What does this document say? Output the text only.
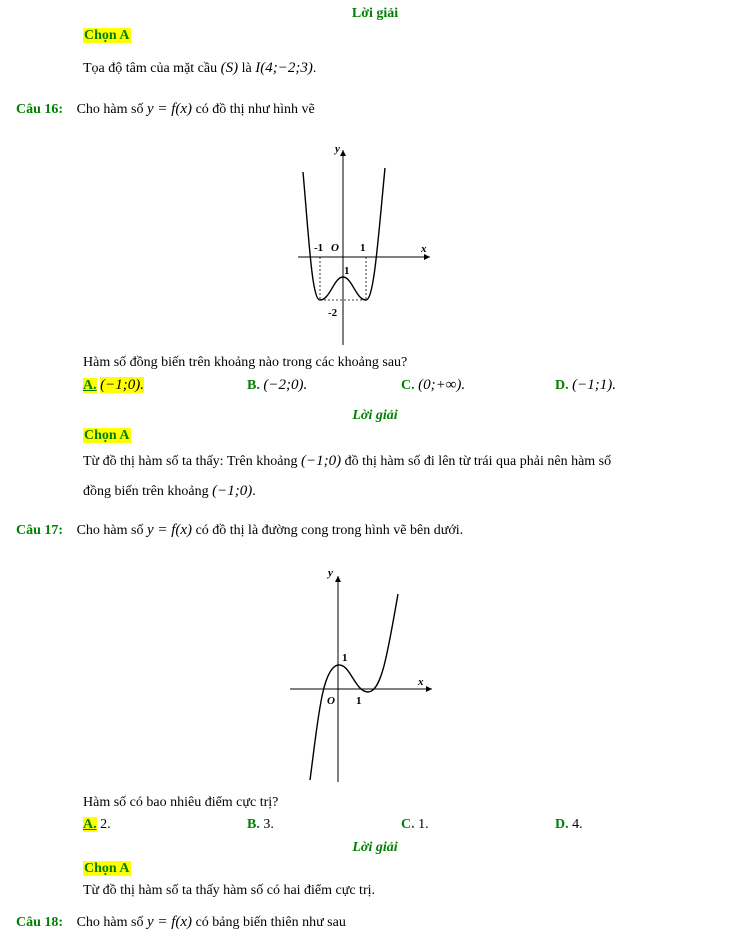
Lời giải
Chọn A
Tọa độ tâm của mặt cầu (S) là I(4;−2;3).
Câu 16: Cho hàm số y = f(x) có đồ thị như hình vẽ
y
x
-1 O 1
1
-2
Hàm số đồng biến trên khoảng nào trong các khoảng sau?
A. (−1;0).	B. (−2;0).	C. (0;+∞).	D. (−1;1).
Lời giải
Chọn A
Từ đồ thị hàm số ta thấy: Trên khoảng (−1;0) đồ thị hàm số đi lên từ trái qua phải nên hàm số
đồng biến trên khoảng (−1;0).
Câu 17: Cho hàm số y = f(x) có đồ thị là đường cong trong hình vẽ bên dưới.
y
x
1
O 1
Hàm số có bao nhiêu điểm cực trị?
A. 2.	B. 3.	C. 1.	D. 4.
Lời giải
Chọn A
Từ đồ thị hàm số ta thấy hàm số có hai điểm cực trị.
Câu 18: Cho hàm số y = f(x) có bảng biến thiên như sau
